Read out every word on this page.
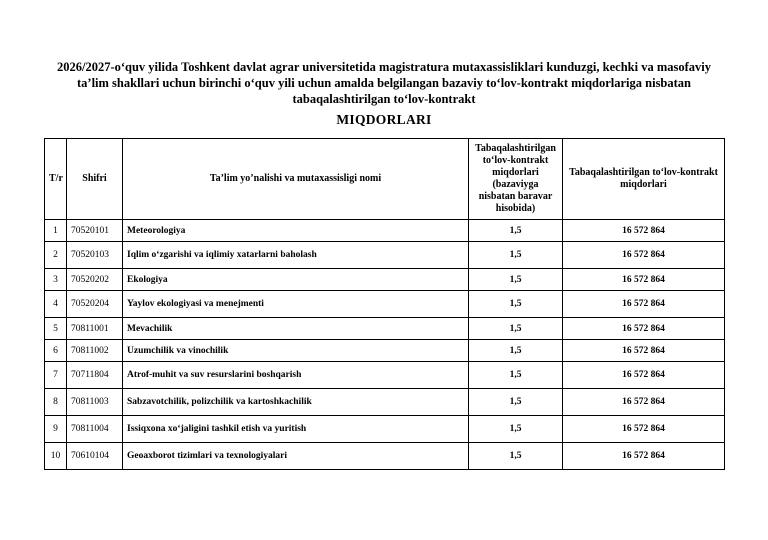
2026/2027-o‘quv yilida Toshkent davlat agrar universitetida magistratura mutaxassisliklari kunduzgi, kechki va masofaviy ta’lim shakllari uchun birinchi o‘quv yili uchun amalda belgilangan bazaviy to‘lov-kontrakt miqdorlariga nisbatan tabaqalashtirilgan to‘lov-kontrakt
MIQDORLARI
T/r	Shifri	Ta’lim yo’nalishi va mutaxassisligi nomi	Tabaqalashtirilgan to‘lov-kontrakt miqdorlari (bazaviyga nisbatan baravar hisobida)	Tabaqalashtirilgan to‘lov-kontrakt miqdorlari
1	70520101	Meteorologiya	1,5	16 572 864
2	70520103	Iqlim o‘zgarishi va iqlimiy xatarlarni baholash	1,5	16 572 864
3	70520202	Ekologiya	1,5	16 572 864
4	70520204	Yaylov ekologiyasi va menejmenti	1,5	16 572 864
5	70811001	Mevachilik	1,5	16 572 864
6	70811002	Uzumchilik va vinochilik	1,5	16 572 864
7	70711804	Atrof-muhit va suv resurslarini boshqarish	1,5	16 572 864
8	70811003	Sabzavotchilik, polizchilik va kartoshkachilik	1,5	16 572 864
9	70811004	Issiqxona xo‘jaligini tashkil etish va yuritish	1,5	16 572 864
10	70610104	Geoaxborot tizimlari va texnologiyalari	1,5	16 572 864
